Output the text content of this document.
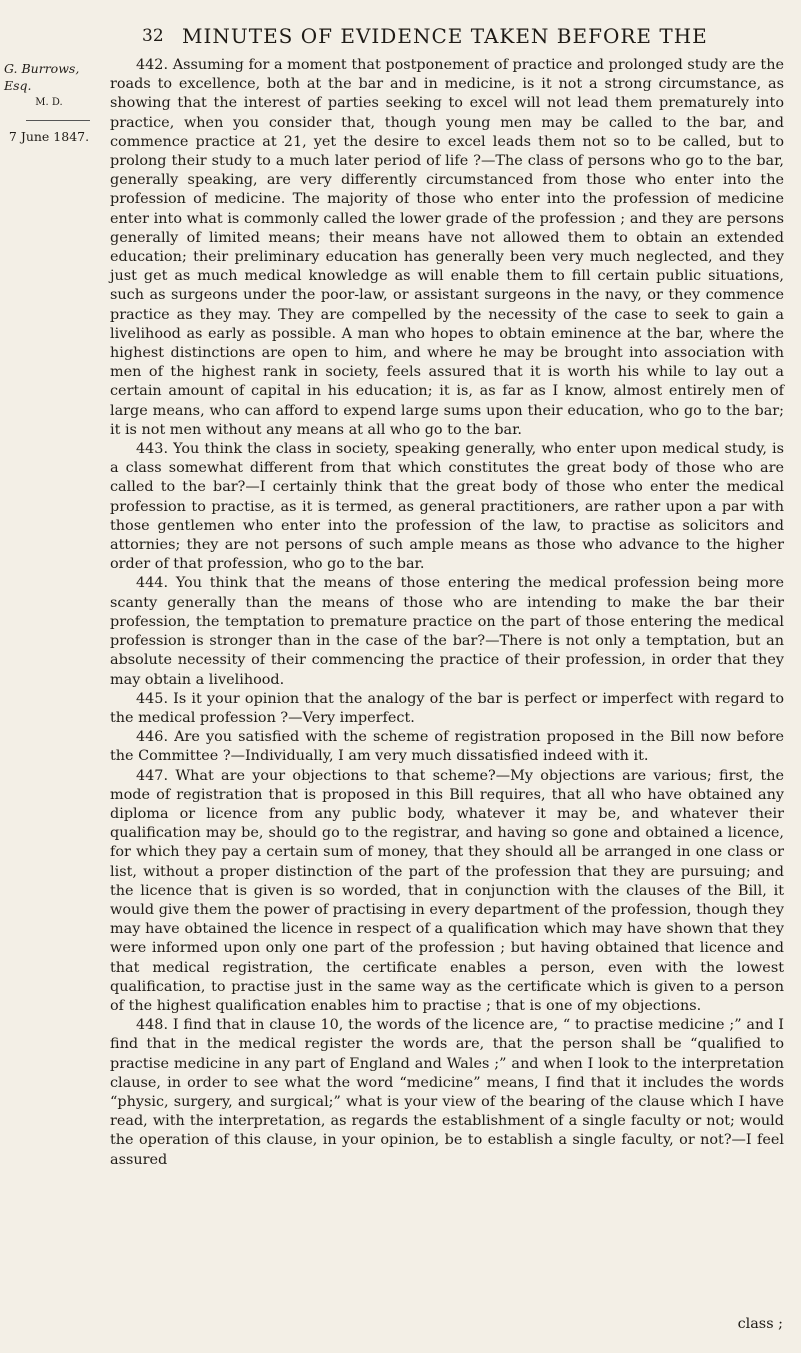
32 MINUTES OF EVIDENCE TAKEN BEFORE THE
G. Burrows, Esq.
M. D.
7 June 1847.

442. Assuming for a moment that postponement of practice and prolonged study are the roads to excellence, both at the bar and in medicine, is it not a strong circumstance, as showing that the interest of parties seeking to excel will not lead them prematurely into practice, when you consider that, though young men may be called to the bar, and commence practice at 21, yet the desire to excel leads them not so to be called, but to prolong their study to a much later period of life ?—The class of persons who go to the bar, generally speaking, are very differently circumstanced from those who enter into the profession of medicine. The majority of those who enter into the profession of medicine enter into what is commonly called the lower grade of the profession ; and they are persons generally of limited means; their means have not allowed them to obtain an extended education; their preliminary education has generally been very much neglected, and they just get as much medical knowledge as will enable them to fill certain public situations, such as surgeons under the poor-law, or assistant surgeons in the navy, or they commence practice as they may. They are compelled by the necessity of the case to seek to gain a livelihood as early as possible. A man who hopes to obtain eminence at the bar, where the highest distinctions are open to him, and where he may be brought into association with men of the highest rank in society, feels assured that it is worth his while to lay out a certain amount of capital in his education; it is, as far as I know, almost entirely men of large means, who can afford to expend large sums upon their education, who go to the bar; it is not men without any means at all who go to the bar.

443. You think the class in society, speaking generally, who enter upon medical study, is a class somewhat different from that which constitutes the great body of those who are called to the bar?—I certainly think that the great body of those who enter the medical profession to practise, as it is termed, as general practitioners, are rather upon a par with those gentlemen who enter into the profession of the law, to practise as solicitors and attornies; they are not persons of such ample means as those who advance to the higher order of that profession, who go to the bar.

444. You think that the means of those entering the medical profession being more scanty generally than the means of those who are intending to make the bar their profession, the temptation to premature practice on the part of those entering the medical profession is stronger than in the case of the bar?—There is not only a temptation, but an absolute necessity of their commencing the practice of their profession, in order that they may obtain a livelihood.

445. Is it your opinion that the analogy of the bar is perfect or imperfect with regard to the medical profession ?—Very imperfect.

446. Are you satisfied with the scheme of registration proposed in the Bill now before the Committee ?—Individually, I am very much dissatisfied indeed with it.

447. What are your objections to that scheme?—My objections are various; first, the mode of registration that is proposed in this Bill requires, that all who have obtained any diploma or licence from any public body, whatever it may be, and whatever their qualification may be, should go to the registrar, and having so gone and obtained a licence, for which they pay a certain sum of money, that they should all be arranged in one class or list, without a proper distinction of the part of the profession that they are pursuing; and the licence that is given is so worded, that in conjunction with the clauses of the Bill, it would give them the power of practising in every department of the profession, though they may have obtained the licence in respect of a qualification which may have shown that they were informed upon only one part of the profession ; but having obtained that licence and that medical registration, the certificate enables a person, even with the lowest qualification, to practise just in the same way as the certificate which is given to a person of the highest qualification enables him to practise ; that is one of my objections.

448. I find that in clause 10, the words of the licence are, “ to practise medicine ;” and I find that in the medical register the words are, that the person shall be “qualified to practise medicine in any part of England and Wales ;” and when I look to the interpretation clause, in order to see what the word “medicine” means, I find that it includes the words “physic, surgery, and surgical;” what is your view of the bearing of the clause which I have read, with the interpretation, as regards the establishment of a single faculty or not; would the operation of this clause, in your opinion, be to establish a single faculty, or not?—I feel assured

class ;
